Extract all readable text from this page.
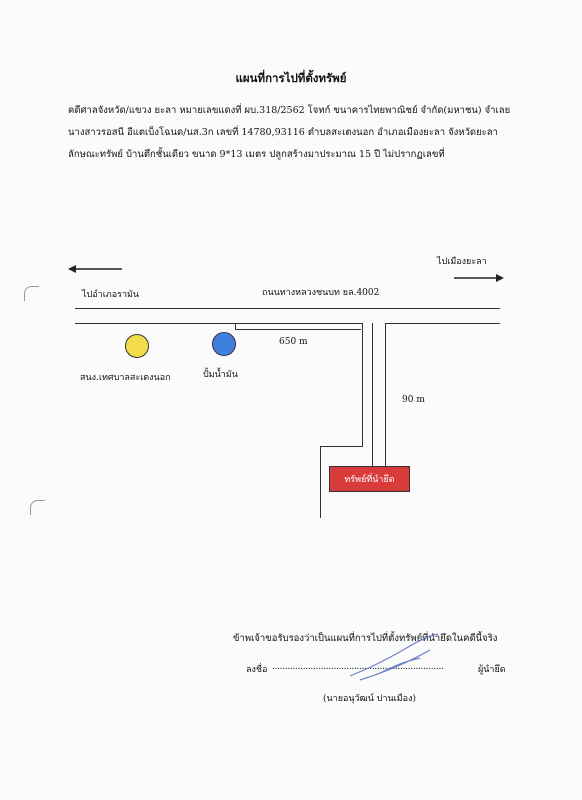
แผนที่การไปที่ตั้งทรัพย์
คดีศาลจังหวัด/แขวง ยะลา หมายเลขแดงที่ ผบ.318/2562 โจทก์ ขนาคารไทยพาณิชย์ จำกัด(มหาชน) จำเลย
นางสาวรอสนี อีแตเบ็งโฉนด/นส.3ก เลขที่ 14780,93116 ตำบลสะเตงนอก อำเภอเมืองยะลา จังหวัดยะลา
ลักษณะทรัพย์ บ้านตึกชั้นเดียว ขนาด 9*13 เมตร ปลูกสร้างมาประมาณ 15 ปี ไม่ปรากฏเลขที่
ไปอำเภอรามัน
ไปเมืองยะลา
ถนนทางหลวงชนบท ยล.4002
650 m
90 m
สนง.เทศบาลสะเตงนอก	ปั้มน้ำมัน
ทรัพย์ที่นำยึด
ข้าพเจ้าขอรับรองว่าเป็นแผนที่การไปที่ตั้งทรัพย์ที่นำยึดในคดีนี้จริง
ลงชื่อ ...................................................................	ผู้นำยึด
(นายอนุวัฒน์ ปานเมือง)
